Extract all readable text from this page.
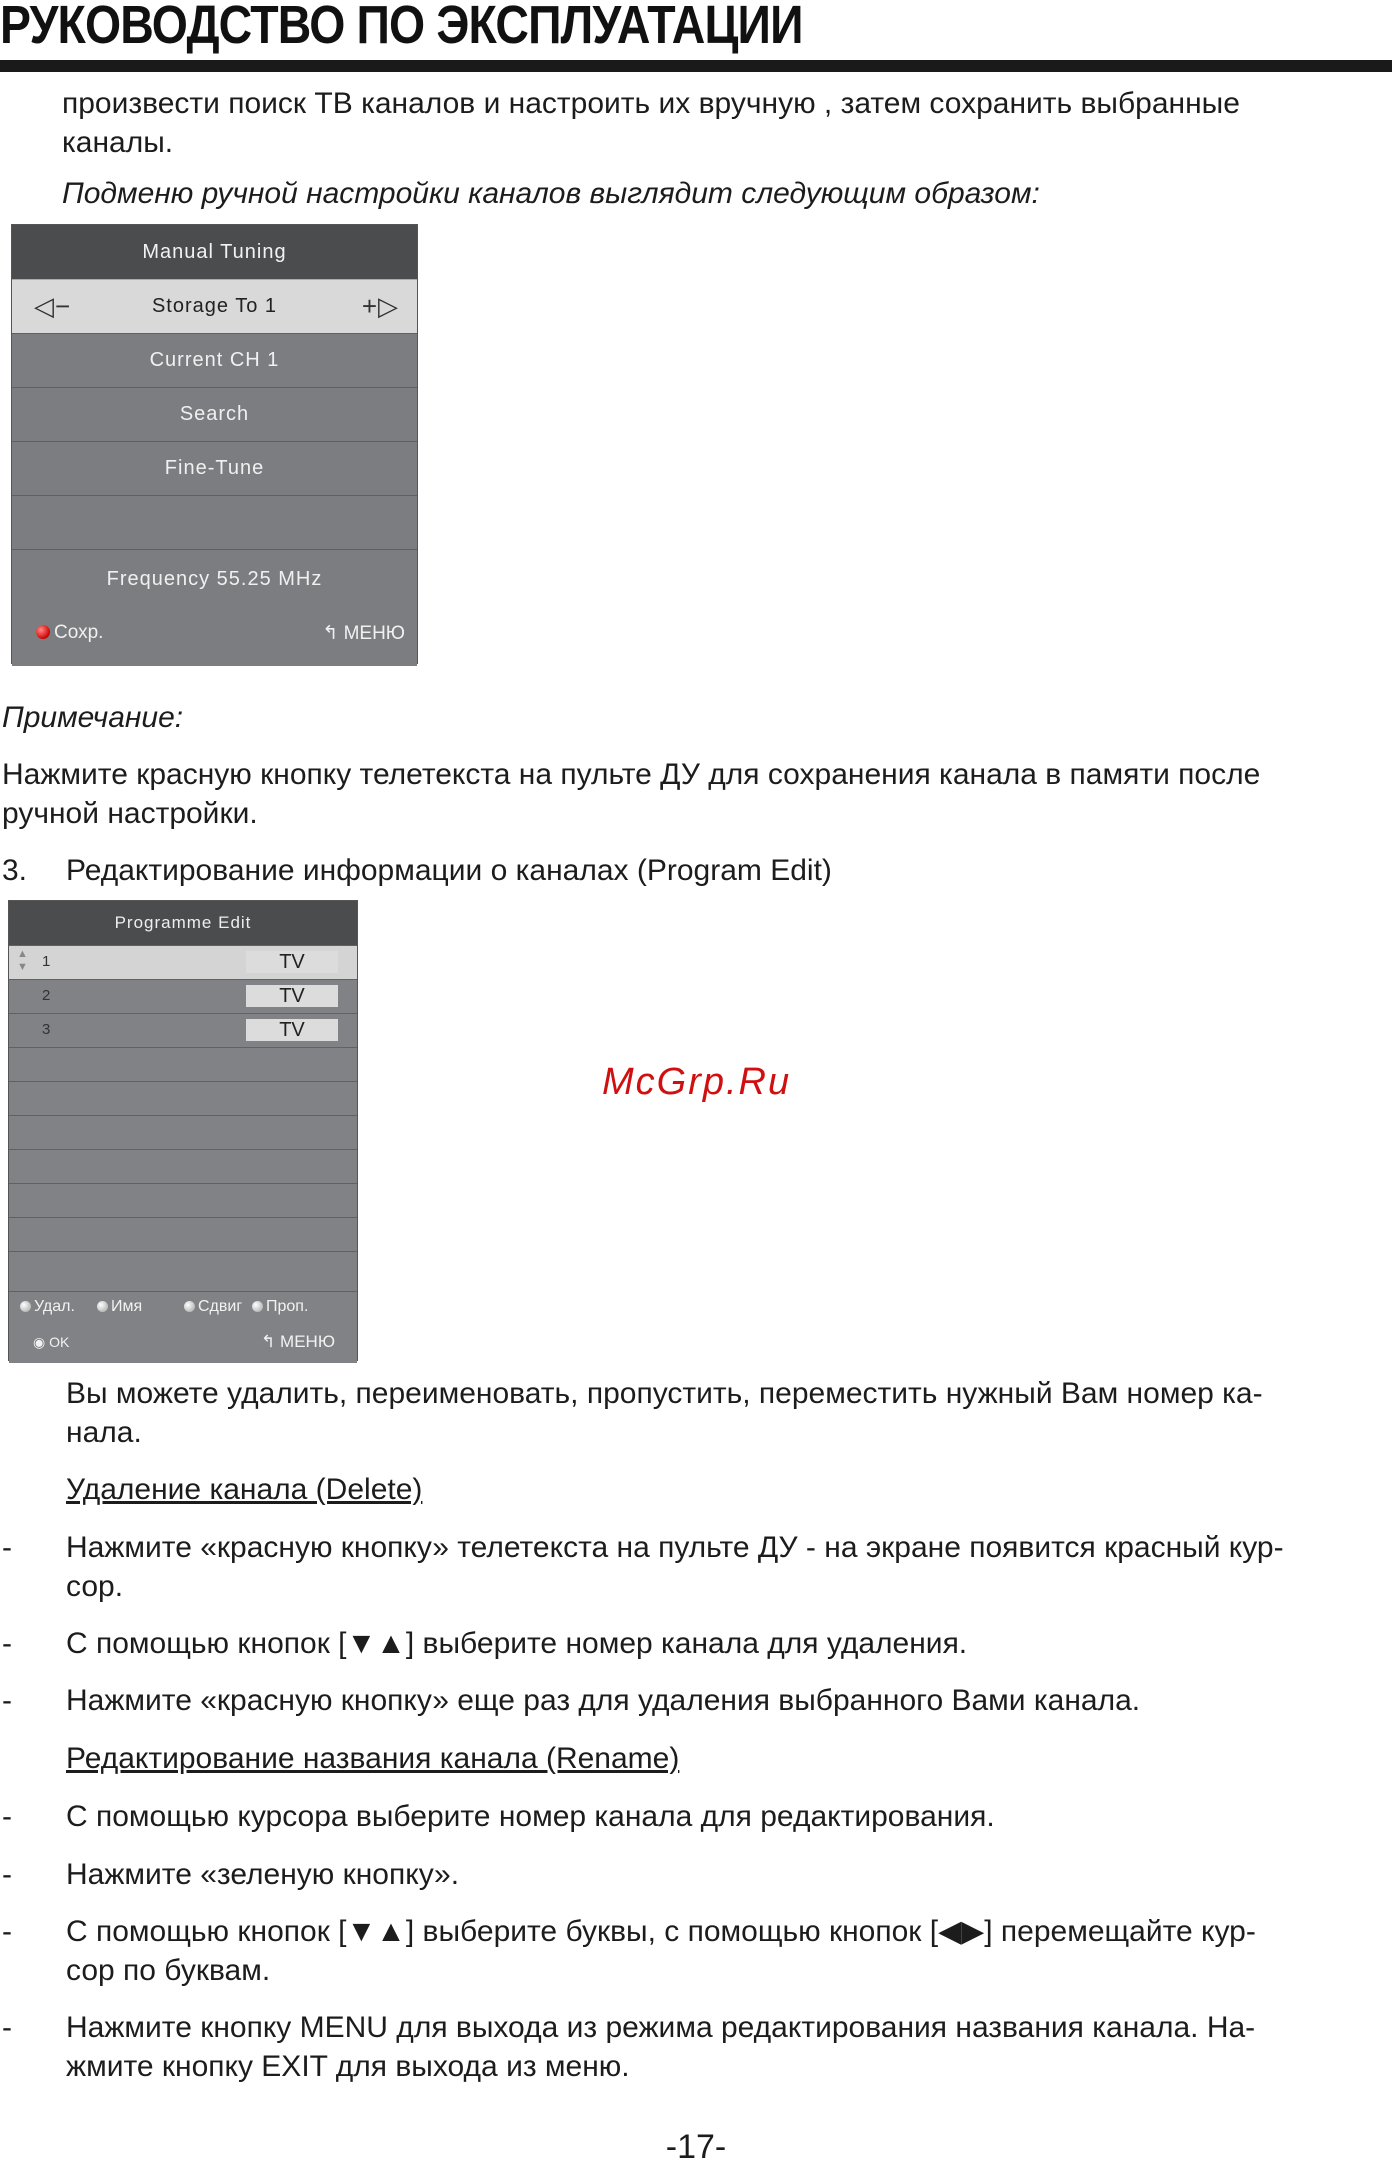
РУКОВОДСТВО ПО ЭКСПЛУАТАЦИИ
произвести поиск ТВ каналов и настроить их вручную , затем сохранить выбранные
каналы.
Подменю ручной настройки каналов выглядит следующим образом:
Manual Tuning
◁−	Storage To 1	+▷
Current CH 1
Search
Fine-Tune
Frequency 55.25 MHz
Сохр.	↰ МЕНЮ
Примечание:
Нажмите красную кнопку телетекста на пульте ДУ для сохранения канала в памяти после
ручной настройки.
3. Редактирование информации о каналах (Program Edit)
Programme Edit
▲
▼ 1	TV
2	TV
3	TV
Удал.	Имя	Сдвиг	Проп.
◉ OK	↰ МЕНЮ
McGrp.Ru
Вы можете удалить, переименовать, пропустить, переместить нужный Вам номер ка-
нала.
Удаление канала (Delete)
- Нажмите «красную кнопку» телетекста на пульте ДУ - на экране появится красный кур-
сор.
- С помощью кнопок [▼▲] выберите номер канала для удаления.
- Нажмите «красную кнопку» еще раз для удаления выбранного Вами канала.
Редактирование названия канала (Rename)
- С помощью курсора выберите номер канала для редактирования.
- Нажмите «зеленую кнопку».
- С помощью кнопок [▼▲] выберите буквы, с помощью кнопок [◀▶] перемещайте кур-
сор по буквам.
- Нажмите кнопку MENU для выхода из режима редактирования названия канала. На-
жмите кнопку EXIT для выхода из меню.
-17-
